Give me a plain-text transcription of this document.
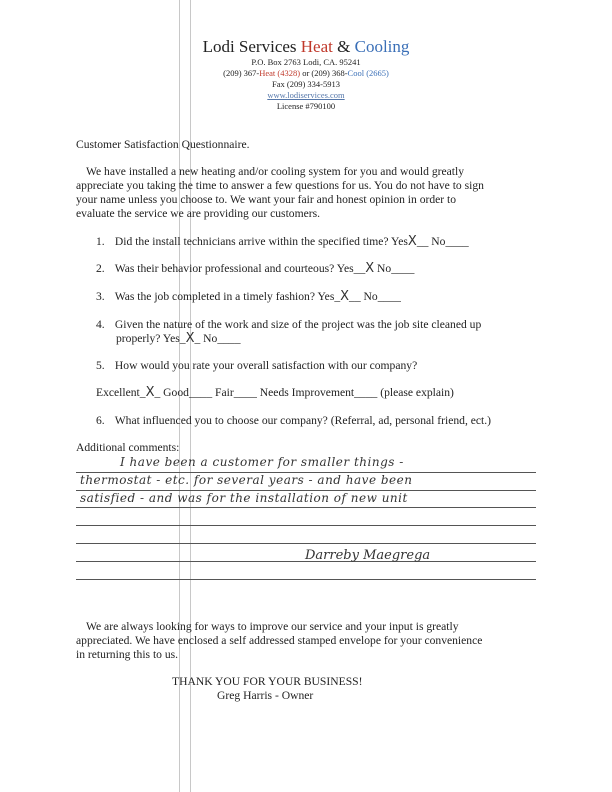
Lodi Services Heat & Cooling
P.O. Box 2763 Lodi, CA. 95241
(209) 367-Heat (4328) or (209) 368-Cool (2665)
Fax (209) 334-5913
www.lodiservices.com
License #790100
Customer Satisfaction Questionnaire.
We have installed a new heating and/or cooling system for you and would greatly
appreciate you taking the time to answer a few questions for us. You do not have to sign
your name unless you choose to. We want your fair and honest opinion in order to
evaluate the service we are providing our customers.
1. Did the install technicians arrive within the specified time? YesX__ No____
2. Was their behavior professional and courteous? Yes__X No____
3. Was the job completed in a timely fashion? Yes_X__ No____
4. Given the nature of the work and size of the project was the job site cleaned up
properly? Yes_X_ No____
5. How would you rate your overall satisfaction with our company?
Excellent_X_ Good____ Fair____ Needs Improvement____ (please explain)
6. What influenced you to choose our company? (Referral, ad, personal friend, ect.)
Additional comments:
I have been a customer for smaller things -
thermostat - etc. for several years - and have been
satisfied - and was for the installation of new unit
Darreby Maegrega
We are always looking for ways to improve our service and your input is greatly
appreciated. We have enclosed a self addressed stamped envelope for your convenience
in returning this to us.
THANK YOU FOR YOUR BUSINESS!
Greg Harris - Owner
